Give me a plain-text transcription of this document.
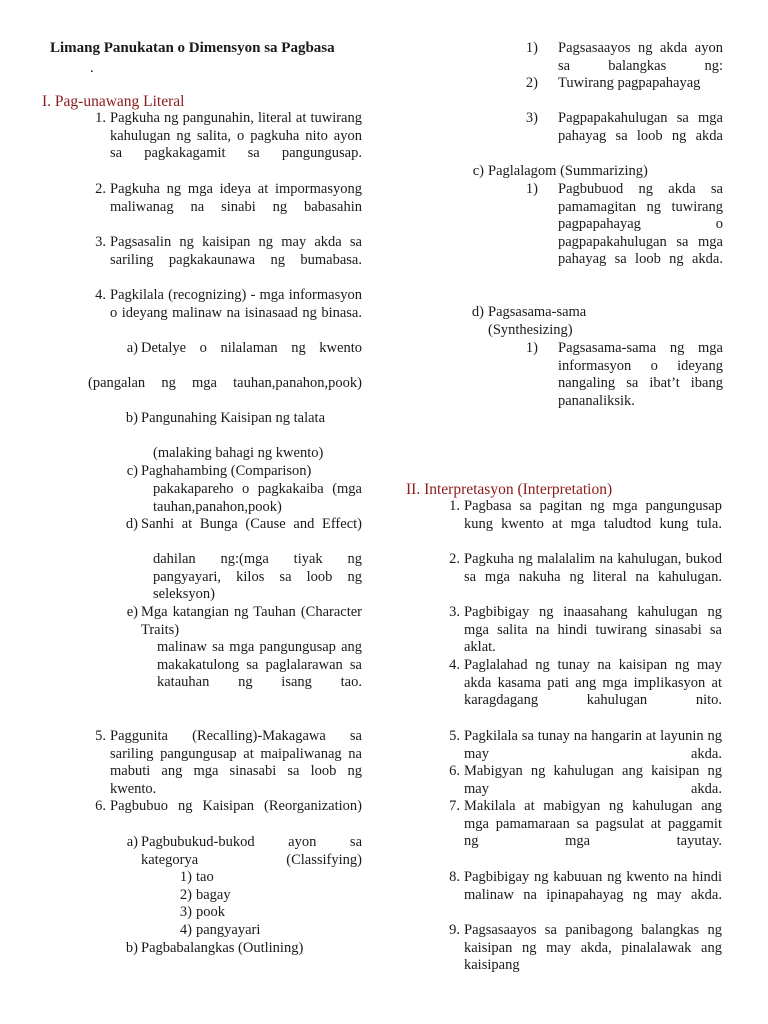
Limang Panukatan o Dimensyon sa Pagbasa
.
I. Pag-unawang Literal
1. Pagkuha ng pangunahin, literal at tuwirang kahulugan ng salita, o pagkuha nito ayon sa pagkakagamit sa pangungusap.

2. Pagkuha ng mga ideya at impormasyong maliwanag na sinabi ng babasahin

3. Pagsasalin ng kaisipan ng may akda sa sariling pagkakaunawa ng bumabasa.

4. Pagkilala (recognizing) - mga informasyon o ideyang malinaw na isinasaad ng binasa.

a) Detalye o nilalaman ng kwento

(pangalan ng mga tauhan,panahon,pook)

b) Pangunahing Kaisipan ng talata

(malaking bahagi ng kwento)

c) Paghahambing (Comparison)

pakakapareho o pagkakaiba (mga tauhan,panahon,pook)

d) Sanhi at Bunga (Cause and Effect)

dahilan ng:(mga tiyak ng pangyayari, kilos sa loob ng seleksyon)

e) Mga katangian ng Tauhan (Character Traits)

malinaw sa mga pangungusap ang makakatulong sa paglalarawan sa katauhan ng isang tao.

5. Paggunita (Recalling)-Makagawa sa sariling pangungusap at maipaliwanag na mabuti ang mga sinasabi sa loob ng kwento.

6. Pagbubuo ng Kaisipan (Reorganization)

a) Pagbubukud-bukod ayon sa kategorya (Classifying)

1) tao

2) bagay

3) pook

4) pangyayari

b) Pagbabalangkas (Outlining)

1) Pagsasaayos ng akda ayon sa balangkas ng:

2) Tuwirang pagpapahayag

3) Pagpapakahulugan sa mga pahayag sa loob ng akda

c) Paglalagom (Summarizing)

1) Pagbubuod ng akda sa pamamagitan ng tuwirang pagpapahayag o pagpapakahulugan sa mga pahayag sa loob ng akda.

d) Pagsasama-sama (Synthesizing)

1) Pagsasama-sama ng mga informasyon o ideyang nangaling sa ibat’t ibang pananaliksik.

II. Interpretasyon (Interpretation)
1. Pagbasa sa pagitan ng mga pangungusap kung kwento at mga taludtod kung tula.

2. Pagkuha ng malalalim na kahulugan, bukod sa mga nakuha ng literal na kahulugan.

3. Pagbibigay ng inaasahang kahulugan ng mga salita na hindi tuwirang sinasabi sa aklat.

4. Paglalahad ng tunay na kaisipan ng may akda kasama pati ang mga implikasyon at karagdagang kahulugan nito.

5. Pagkilala sa tunay na hangarin at layunin ng may akda.

6. Mabigyan ng kahulugan ang kaisipan ng may akda.

7. Makilala at mabigyan ng kahulugan ang mga pamamaraan sa pagsulat at paggamit ng mga tayutay.

8. Pagbibigay ng kabuuan ng kwento na hindi malinaw na ipinapahayag ng may akda.

9. Pagsasaayos sa panibagong balangkas ng kaisipan ng may akda, pinalalawak ang kaisipang
